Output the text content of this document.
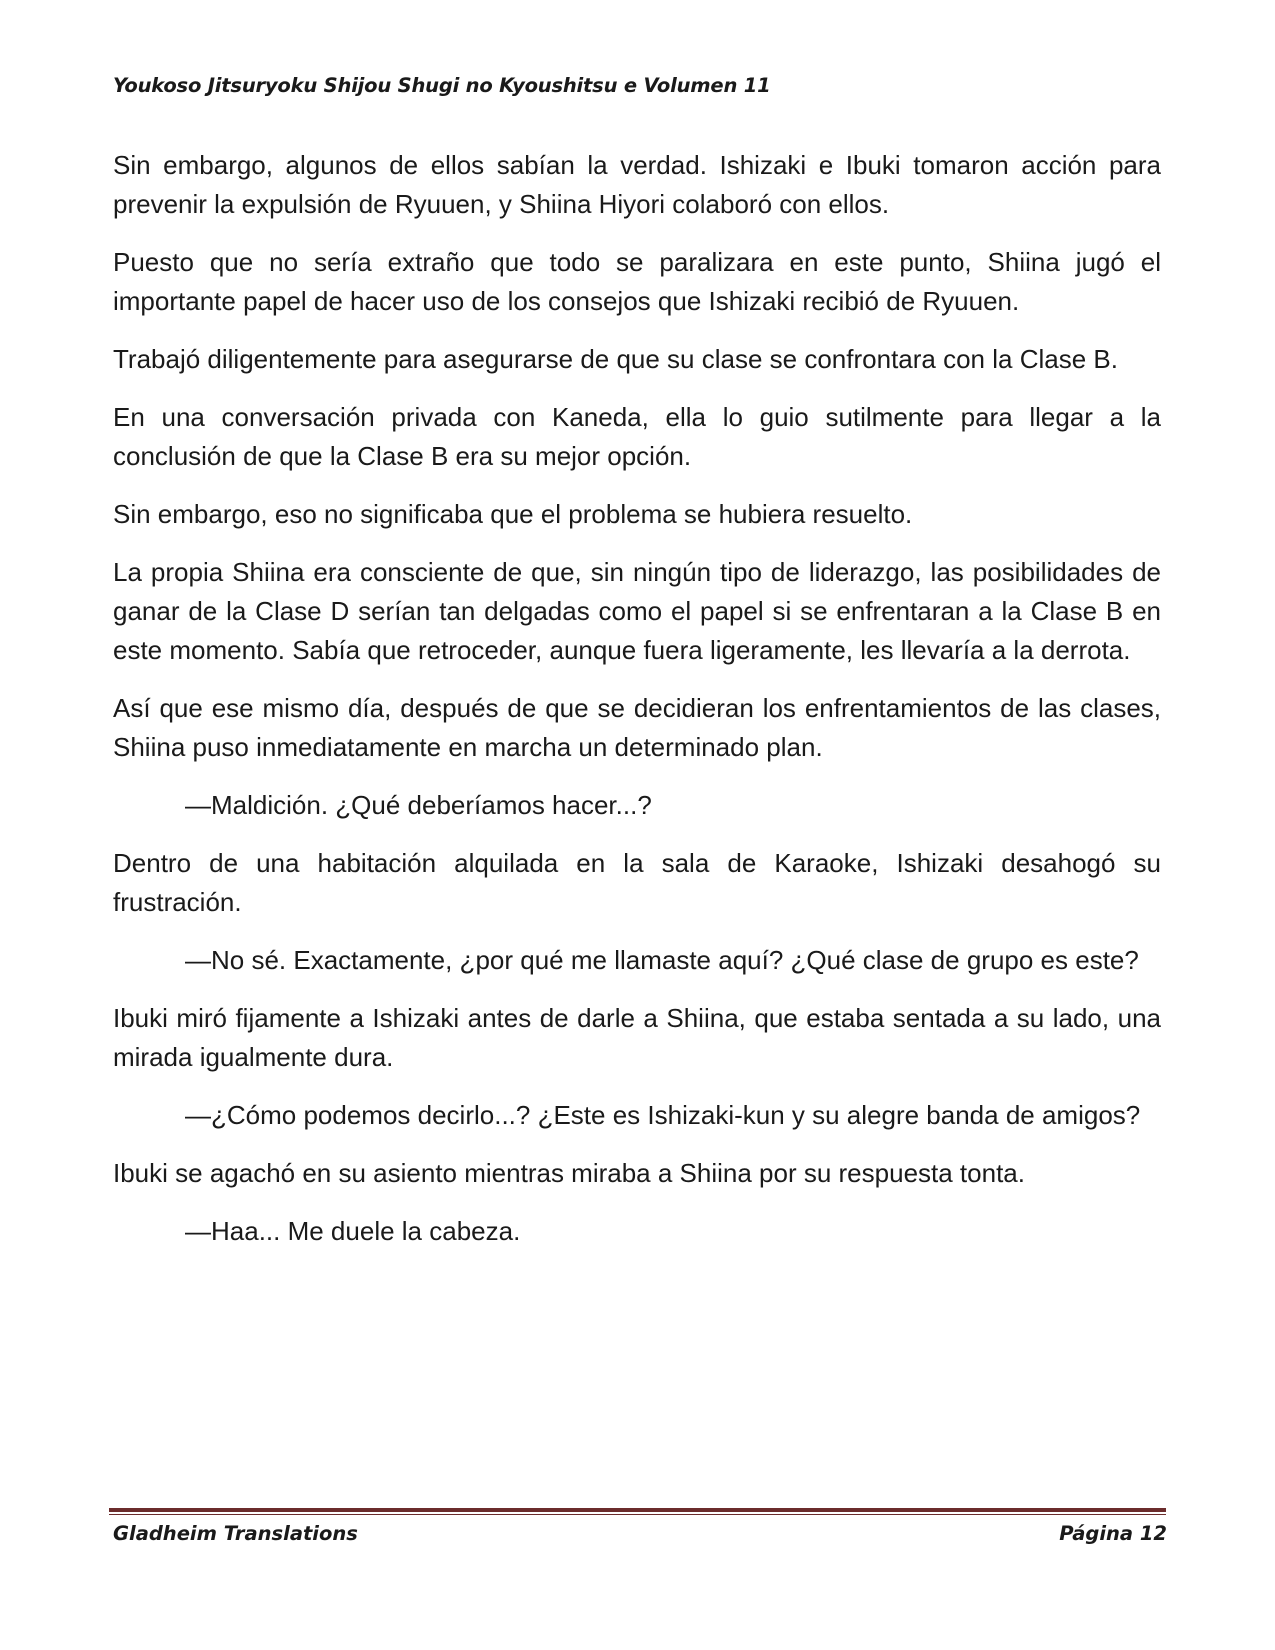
Youkoso Jitsuryoku Shijou Shugi no Kyoushitsu e Volumen 11

Sin embargo, algunos de ellos sabían la verdad. Ishizaki e Ibuki tomaron acción para prevenir la expulsión de Ryuuen, y Shiina Hiyori colaboró con ellos.

Puesto que no sería extraño que todo se paralizara en este punto, Shiina jugó el importante papel de hacer uso de los consejos que Ishizaki recibió de Ryuuen.

Trabajó diligentemente para asegurarse de que su clase se confrontara con la Clase B.

En una conversación privada con Kaneda, ella lo guio sutilmente para llegar a la conclusión de que la Clase B era su mejor opción.

Sin embargo, eso no significaba que el problema se hubiera resuelto.

La propia Shiina era consciente de que, sin ningún tipo de liderazgo, las posibilidades de ganar de la Clase D serían tan delgadas como el papel si se enfrentaran a la Clase B en este momento. Sabía que retroceder, aunque fuera ligeramente, les llevaría a la derrota.

Así que ese mismo día, después de que se decidieran los enfrentamientos de las clases, Shiina puso inmediatamente en marcha un determinado plan.

—Maldición. ¿Qué deberíamos hacer...?

Dentro de una habitación alquilada en la sala de Karaoke, Ishizaki desahogó su frustración.

—No sé. Exactamente, ¿por qué me llamaste aquí? ¿Qué clase de grupo es este?

Ibuki miró fijamente a Ishizaki antes de darle a Shiina, que estaba sentada a su lado, una mirada igualmente dura.

—¿Cómo podemos decirlo...? ¿Este es Ishizaki-kun y su alegre banda de amigos?

Ibuki se agachó en su asiento mientras miraba a Shiina por su respuesta tonta.

—Haa... Me duele la cabeza.

Gladheim Translations	Página 12
